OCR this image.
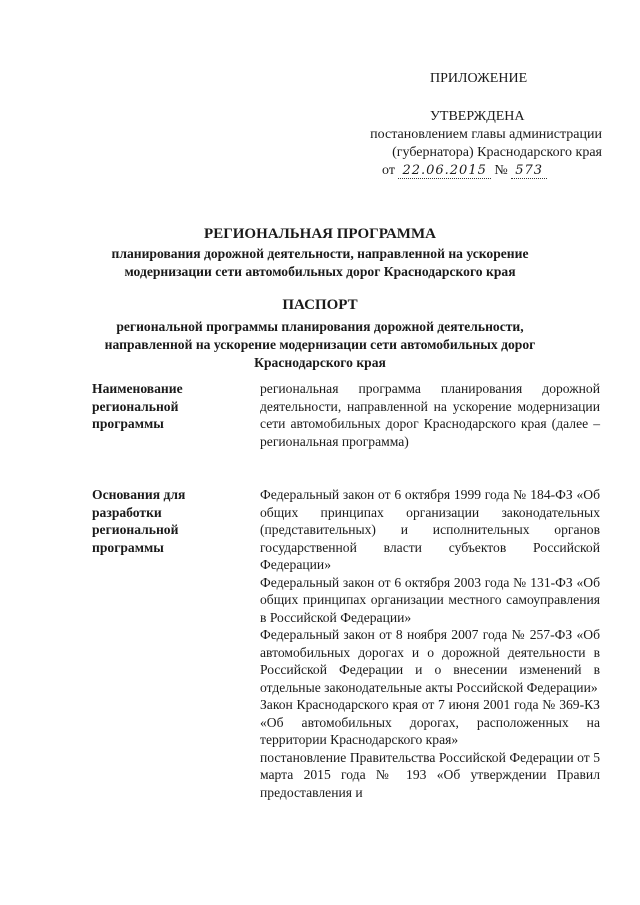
ПРИЛОЖЕНИЕ
УТВЕРЖДЕНА
постановлением главы администрации
(губернатора) Краснодарского края
от 22.06.2015 № 573
РЕГИОНАЛЬНАЯ ПРОГРАММА
планирования дорожной деятельности, направленной на ускорение
модернизации сети автомобильных дорог Краснодарского края
ПАСПОРТ
региональной программы планирования дорожной деятельности,
направленной на ускорение модернизации сети автомобильных дорог
Краснодарского края
Наименование региональной программы

региональная программа планирования дорожной деятельности, направленной на ускорение модернизации сети автомобильных дорог Краснодарского края (далее – региональная программа)

Основания для разработки региональной программы

Федеральный закон от 6 октября 1999 года № 184-ФЗ «Об общих принципах организации законодательных (представительных) и исполнительных органов государственной власти субъектов Российской Федерации»

Федеральный закон от 6 октября 2003 года № 131-ФЗ «Об общих принципах организации местного самоуправления в Российской Федерации»

Федеральный закон от 8 ноября 2007 года № 257-ФЗ «Об автомобильных дорогах и о дорожной деятельности в Российской Федерации и о внесении изменений в отдельные законодательные акты Российской Федерации»

Закон Краснодарского края от 7 июня 2001 года № 369-КЗ «Об автомобильных дорогах, расположенных на территории Краснодарского края»

постановление Правительства Российской Федерации от 5 марта 2015 года № 193 «Об утверждении Правил предоставления и
